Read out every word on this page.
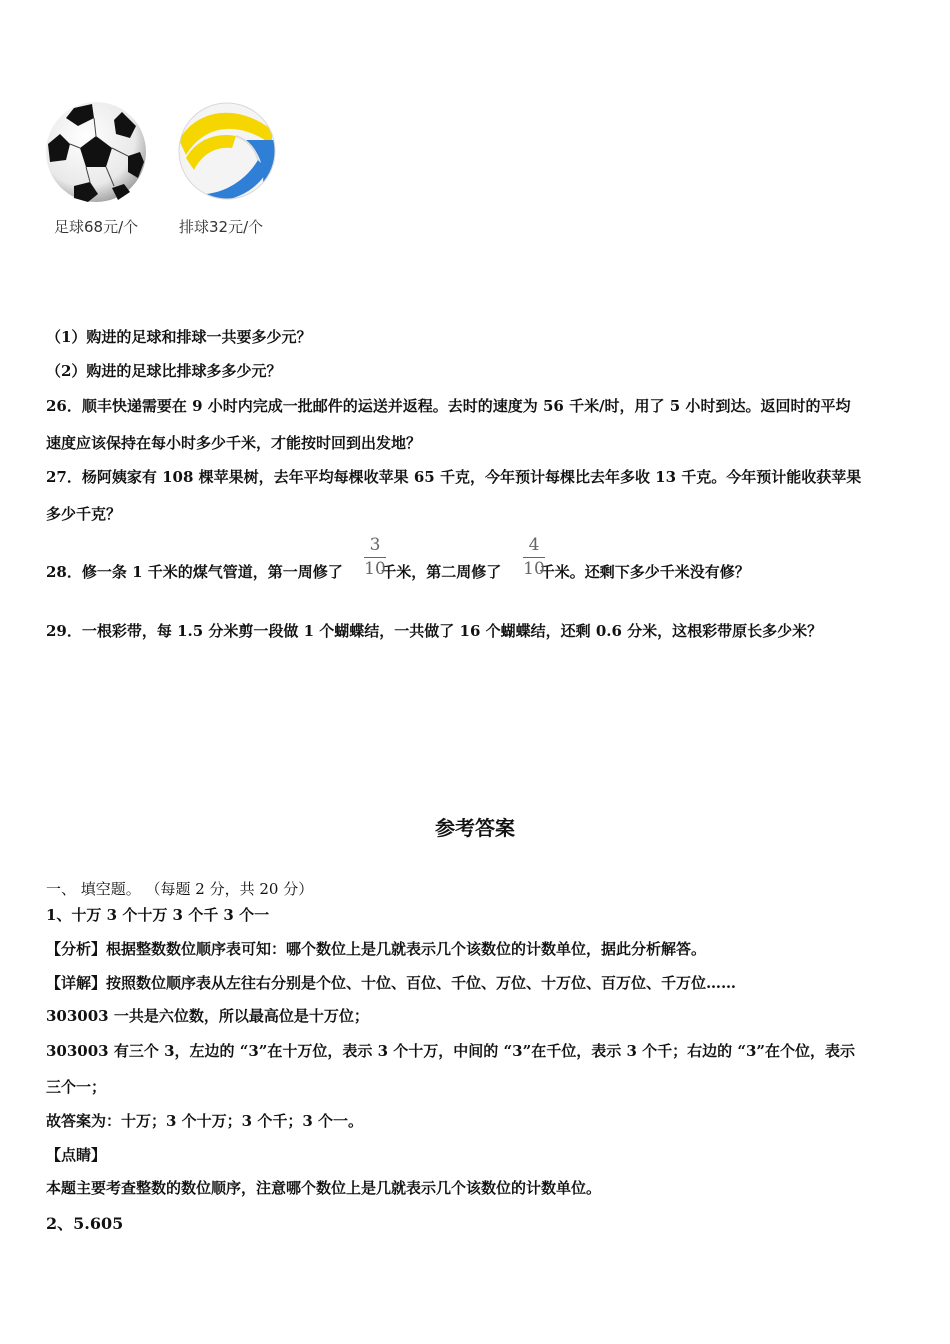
足球68元/个	排球32元/个
（1）购进的足球和排球一共要多少元？
（2）购进的足球比排球多多少元？
26．顺丰快递需要在 9 小时内完成一批邮件的运送并返程。去时的速度为 56 千米/时，用了 5 小时到达。返回时的平均
速度应该保持在每小时多少千米，才能按时回到出发地？
27．杨阿姨家有 108 棵苹果树，去年平均每棵收苹果 65 千克，今年预计每棵比去年多收 13 千克。今年预计能收获苹果
多少千克？
28．修一条 1 千米的煤气管道，第一周修了	千米，第二周修了	千米。还剩下多少千米没有修？
3
10
4
10
29．一根彩带，每 1.5 分米剪一段做 1 个蝴蝶结，一共做了 16 个蝴蝶结，还剩 0.6 分米，这根彩带原长多少米？
参考答案
一、 填空题。 （每题 2 分，共 20 分）
1、十万 3 个十万 3 个千 3 个一
【分析】根据整数数位顺序表可知：哪个数位上是几就表示几个该数位的计数单位，据此分析解答。
【详解】按照数位顺序表从左往右分别是个位、十位、百位、千位、万位、十万位、百万位、千万位……
303003 一共是六位数，所以最高位是十万位；
303003 有三个 3，左边的 “3”在十万位，表示 3 个十万，中间的 “3”在千位，表示 3 个千；右边的 “3”在个位，表示
三个一；
故答案为：十万；3 个十万；3 个千；3 个一。
【点睛】
本题主要考查整数的数位顺序，注意哪个数位上是几就表示几个该数位的计数单位。
2、5.605
